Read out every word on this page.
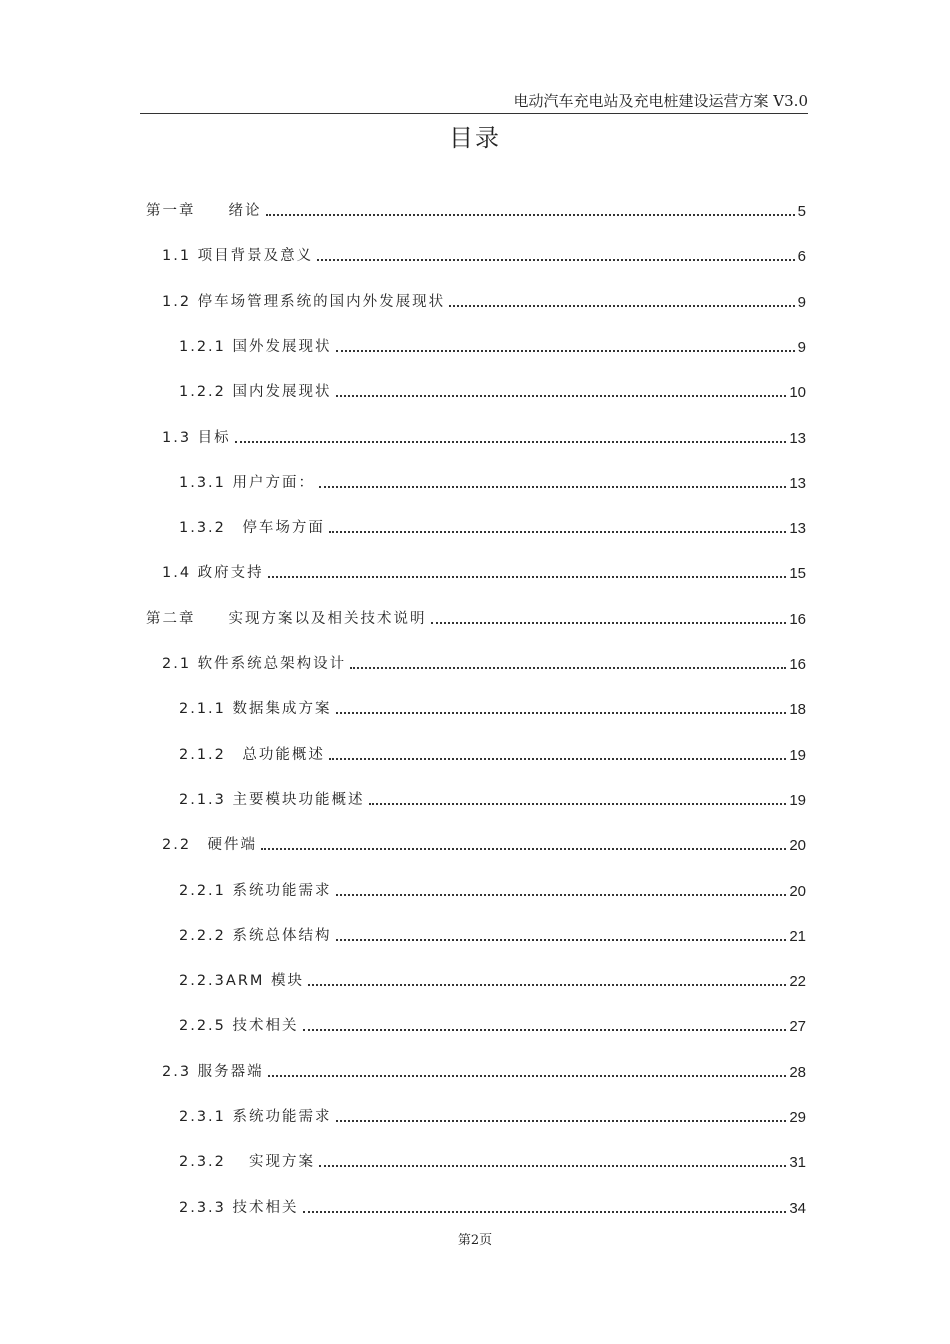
电动汽车充电站及充电桩建设运营方案 V3.0
目录
第一章　　绪论	5
1.1 项目背景及意义	6
1.2 停车场管理系统的国内外发展现状	9
1.2.1 国外发展现状	9
1.2.2 国内发展现状	10
1.3 目标	13
1.3.1 用户方面：	13
1.3.2　停车场方面	13
1.4 政府支持	15
第二章　　实现方案以及相关技术说明	16
2.1 软件系统总架构设计	16
2.1.1 数据集成方案	18
2.1.2　总功能概述	19
2.1.3 主要模块功能概述	19
2.2　硬件端	20
2.2.1 系统功能需求	20
2.2.2 系统总体结构	21
2.2.3ARM 模块	22
2.2.5 技术相关	27
2.3 服务器端	28
2.3.1 系统功能需求	29
2.3.2　 实现方案	31
2.3.3 技术相关	34
第2页
